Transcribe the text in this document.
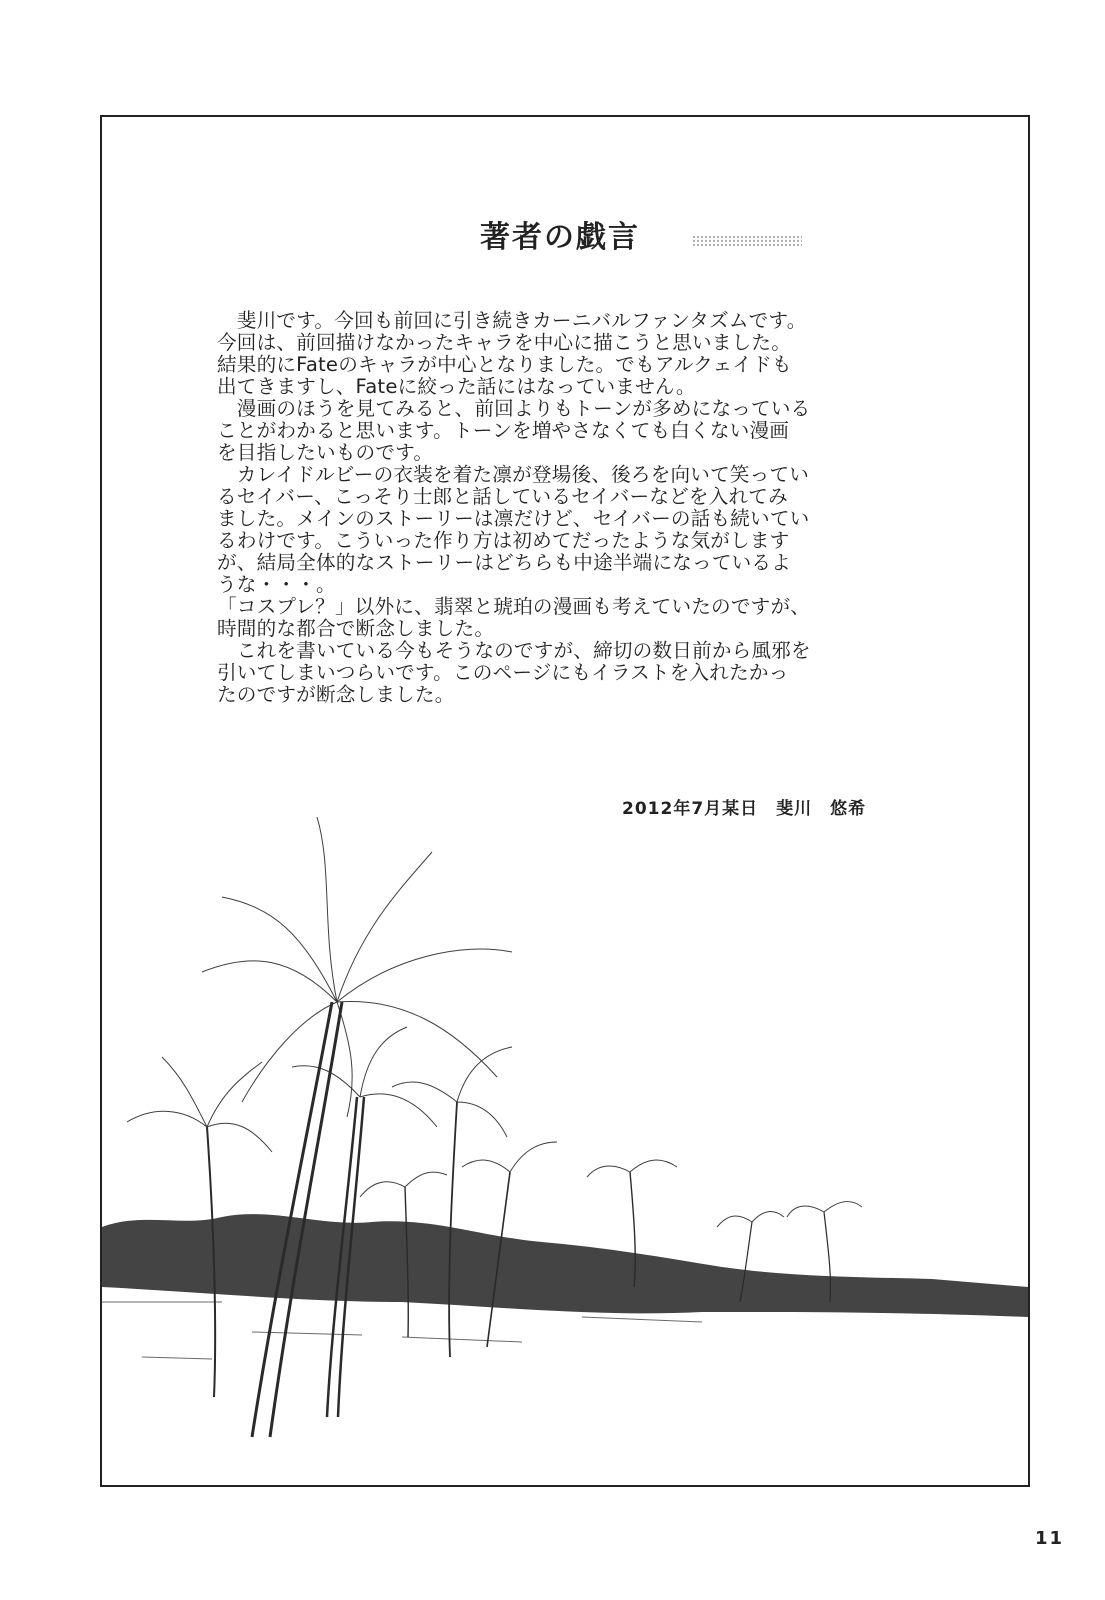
著者の戯言

　斐川です。今回も前回に引き続きカーニバルファンタズムです。
今回は、前回描けなかったキャラを中心に描こうと思いました。
結果的にFateのキャラが中心となりました。でもアルクェイドも
出てきますし、Fateに絞った話にはなっていません。

　漫画のほうを見てみると、前回よりもトーンが多めになっている
ことがわかると思います。トーンを増やさなくても白くない漫画
を目指したいものです。

　カレイドルビーの衣装を着た凛が登場後、後ろを向いて笑ってい
るセイバー、こっそり士郎と話しているセイバーなどを入れてみ
ました。メインのストーリーは凛だけど、セイバーの話も続いてい
るわけです。こういった作り方は初めてだったような気がします
が、結局全体的なストーリーはどちらも中途半端になっているよ
うな・・・。

「コスプレ？」以外に、翡翠と琥珀の漫画も考えていたのですが、
時間的な都合で断念しました。

　これを書いている今もそうなのですが、締切の数日前から風邪を
引いてしまいつらいです。このページにもイラストを入れたかっ
たのですが断念しました。

2012年7月某日　斐川　悠希
11
